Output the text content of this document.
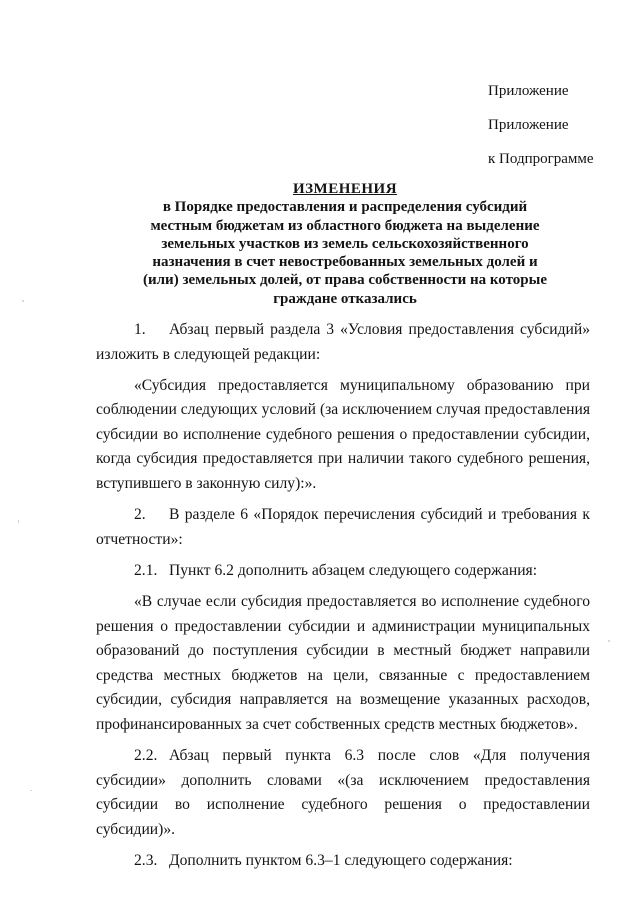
Приложение
Приложение
к Подпрограмме
ИЗМЕНЕНИЯ
в Порядке предоставления и распределения субсидий
местным бюджетам из областного бюджета на выделение
земельных участков из земель сельскохозяйственного
назначения в счет невостребованных земельных долей и
(или) земельных долей, от права собственности на которые
граждане отказались

1. Абзац первый раздела 3 «Условия предоставления субсидий» изложить в следующей редакции:

«Субсидия предоставляется муниципальному образованию при соблюдении следующих условий (за исключением случая предоставления субсидии во исполнение судебного решения о предоставлении субсидии, когда субсидия предоставляется при наличии такого судебного решения, вступившего в законную силу):».

2. В разделе 6 «Порядок перечисления субсидий и требования к отчетности»:

2.1. Пункт 6.2 дополнить абзацем следующего содержания:

«В случае если субсидия предоставляется во исполнение судебного решения о предоставлении субсидии и администрации муниципальных образований до поступления субсидии в местный бюджет направили средства местных бюджетов на цели, связанные с предоставлением субсидии, субсидия направляется на возмещение указанных расходов, профинансированных за счет собственных средств местных бюджетов».

2.2. Абзац первый пункта 6.3 после слов «Для получения субсидии» дополнить словами «(за исключением предоставления субсидии во исполнение судебного решения о предоставлении субсидии)».

2.3. Дополнить пунктом 6.3–1 следующего содержания:
